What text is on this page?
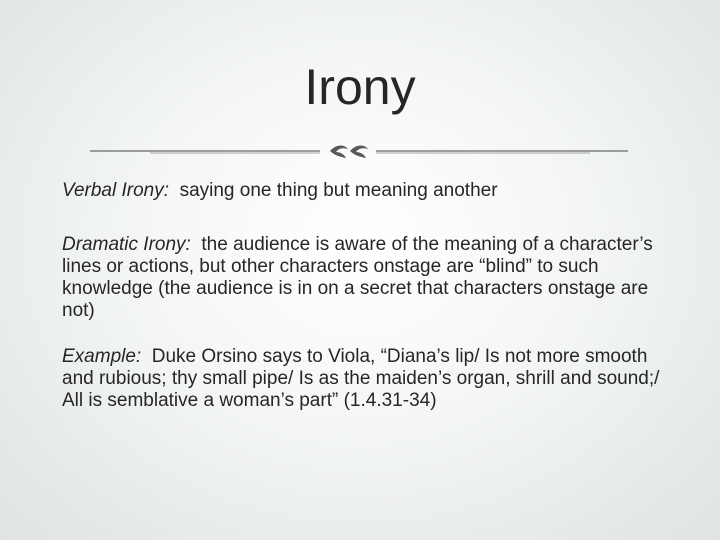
Irony

Verbal Irony: saying one thing but meaning another

Dramatic Irony: the audience is aware of the meaning of a character’s lines or actions, but other characters onstage are “blind” to such knowledge (the audience is in on a secret that characters onstage are not)

Example: Duke Orsino says to Viola, “Diana’s lip/ Is not more smooth and rubious; thy small pipe/ Is as the maiden’s organ, shrill and sound;/ All is semblative a woman’s part” (1.4.31-34)
